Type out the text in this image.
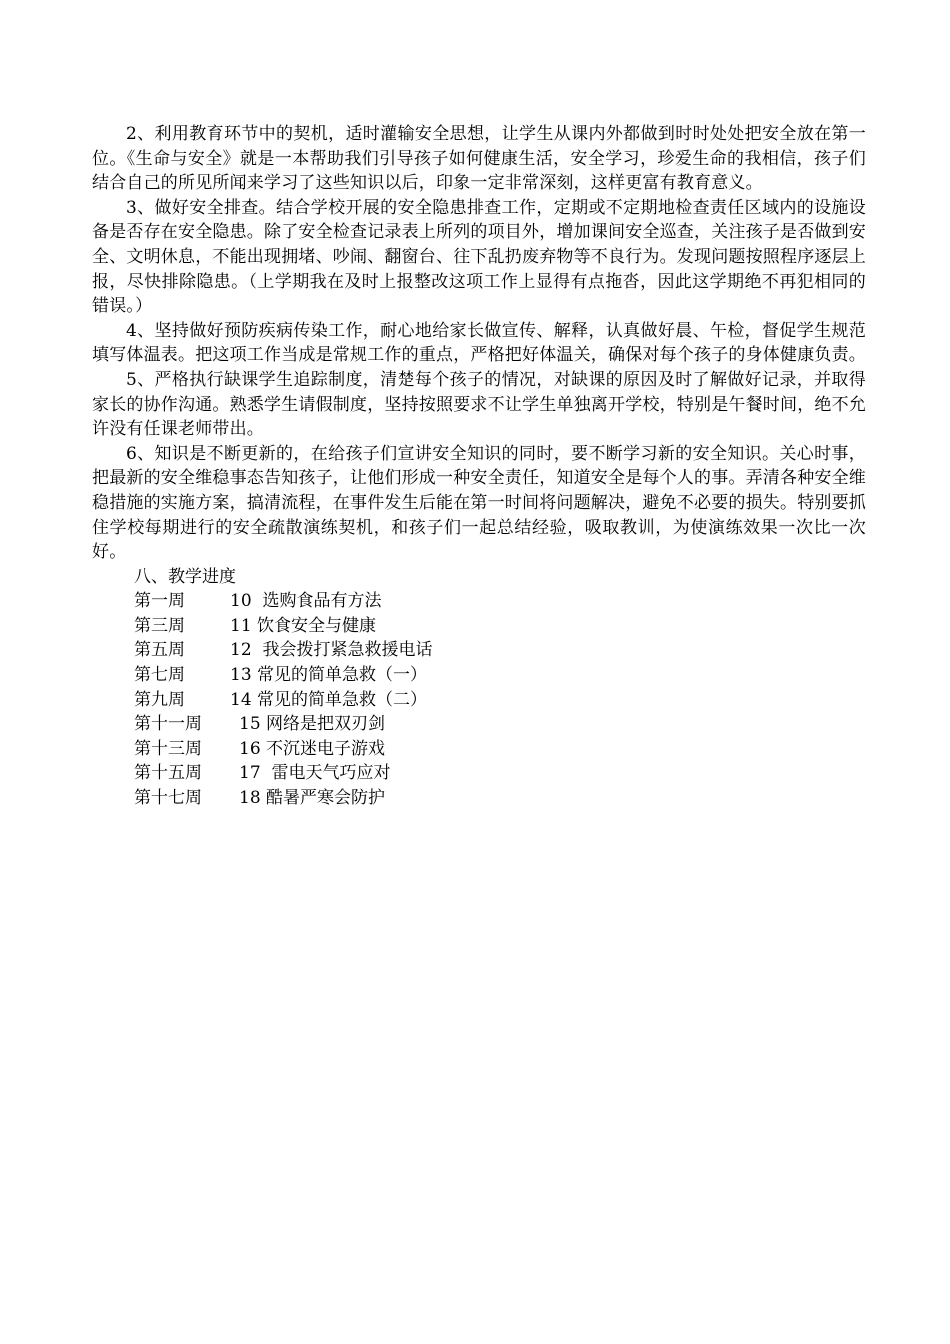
2、利用教育环节中的契机，适时灌输安全思想，让学生从课内外都做到时时处处把安全放在第一位。《生命与安全》就是一本帮助我们引导孩子如何健康生活，安全学习，珍爱生命的我相信，孩子们结合自己的所见所闻来学习了这些知识以后，印象一定非常深刻，这样更富有教育意义。

3、做好安全排查。结合学校开展的安全隐患排查工作，定期或不定期地检查责任区域内的设施设备是否存在安全隐患。除了安全检查记录表上所列的项目外，增加课间安全巡查，关注孩子是否做到安全、文明休息，不能出现拥堵、吵闹、翻窗台、往下乱扔废弃物等不良行为。发现问题按照程序逐层上报，尽快排除隐患。（上学期我在及时上报整改这项工作上显得有点拖沓，因此这学期绝不再犯相同的错误。）

4、坚持做好预防疾病传染工作，耐心地给家长做宣传、解释，认真做好晨、午检，督促学生规范填写体温表。把这项工作当成是常规工作的重点，严格把好体温关，确保对每个孩子的身体健康负责。

5、严格执行缺课学生追踪制度，清楚每个孩子的情况，对缺课的原因及时了解做好记录，并取得家长的协作沟通。熟悉学生请假制度，坚持按照要求不让学生单独离开学校，特别是午餐时间，绝不允许没有任课老师带出。

6、知识是不断更新的，在给孩子们宣讲安全知识的同时，要不断学习新的安全知识。关心时事，把最新的安全维稳事态告知孩子，让他们形成一种安全责任，知道安全是每个人的事。弄清各种安全维稳措施的实施方案，搞清流程，在事件发生后能在第一时间将问题解决，避免不必要的损失。特别要抓住学校每期进行的安全疏散演练契机，和孩子们一起总结经验，吸取教训，为使演练效果一次比一次好。

八、教学进度

第一周	10  选购食品有方法
第三周	11 饮食安全与健康
第五周	12  我会拨打紧急救援电话
第七周	13 常见的简单急救（一）
第九周	14 常见的简单急救（二）
第十一周 15 网络是把双刃剑
第十三周 16 不沉迷电子游戏
第十五周 17  雷电天气巧应对
第十七周 18 酷暑严寒会防护
